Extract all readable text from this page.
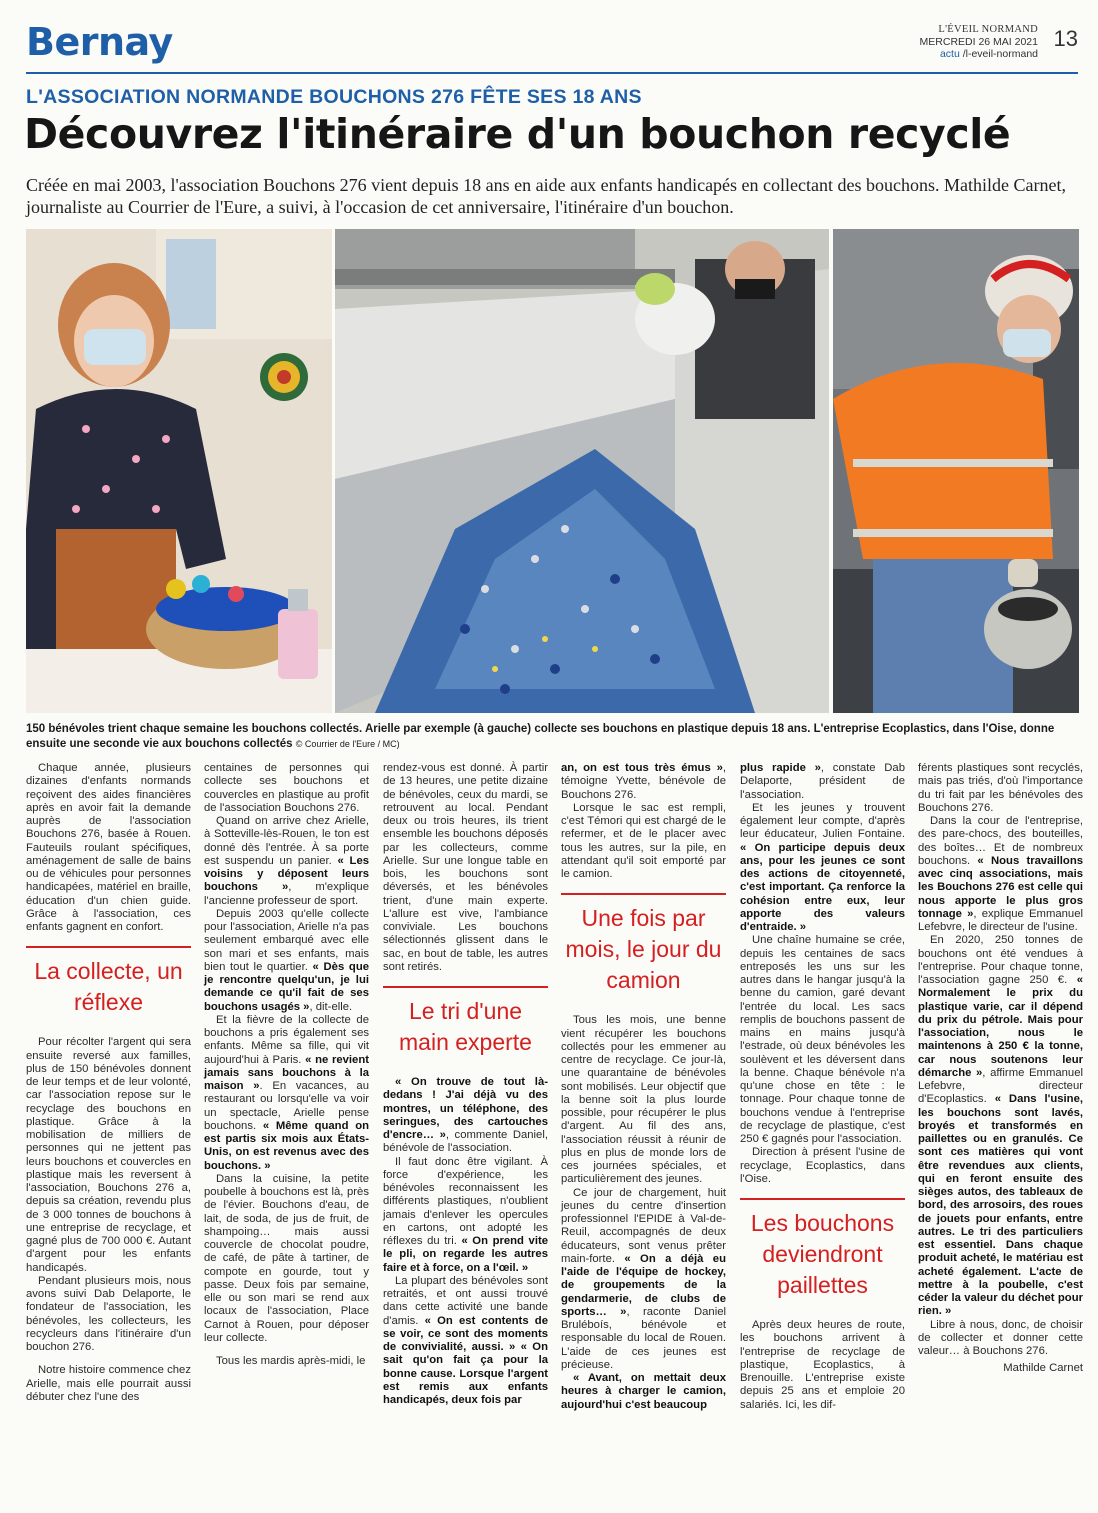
Bernay	L'ÉVEIL NORMAND
MERCREDI 26 MAI 2021
actu /l-eveil-normand
13
L'ASSOCIATION NORMANDE BOUCHONS 276 FÊTE SES 18 ANS
Découvrez l'itinéraire d'un bouchon recyclé

Créée en mai 2003, l'association Bouchons 276 vient depuis 18 ans en aide aux enfants handicapés en collectant des bouchons. Mathilde Carnet, journaliste au Courrier de l'Eure, a suivi, à l'occasion de cet anniversaire, l'itinéraire d'un bouchon.

150 bénévoles trient chaque semaine les bouchons collectés. Arielle par exemple (à gauche) collecte ses bouchons en plastique depuis 18 ans. L'entreprise Ecoplastics, dans l'Oise, donne ensuite une seconde vie aux bouchons collectés © Courrier de l'Eure / MC)

Chaque année, plusieurs dizaines d'enfants normands reçoivent des aides financières après en avoir fait la demande auprès de l'association Bouchons 276, basée à Rouen. Fauteuils roulant spécifiques, aménagement de salle de bains ou de véhicules pour personnes handicapées, matériel en braille, éducation d'un chien guide. Grâce à l'association, ces enfants gagnent en confort.

La collecte, un réflexe

Pour récolter l'argent qui sera ensuite reversé aux familles, plus de 150 bénévoles donnent de leur temps et de leur volonté, car l'association repose sur le recyclage des bouchons en plastique. Grâce à la mobilisation de milliers de personnes qui ne jettent pas leurs bouchons et couvercles en plastique mais les reversent à l'association, Bouchons 276 a, depuis sa création, revendu plus de 3 000 tonnes de bouchons à une entreprise de recyclage, et gagné plus de 700 000 €. Autant d'argent pour les enfants handicapés.

Pendant plusieurs mois, nous avons suivi Dab Delaporte, le fondateur de l'association, les bénévoles, les collecteurs, les recycleurs dans l'itinéraire d'un bouchon 276.

Notre histoire commence chez Arielle, mais elle pourrait aussi débuter chez l'une des

centaines de personnes qui collecte ses bouchons et couvercles en plastique au profit de l'association Bouchons 276.

Quand on arrive chez Arielle, à Sotteville-lès-Rouen, le ton est donné dès l'entrée. À sa porte est suspendu un panier. « Les voisins y déposent leurs bouchons », m'explique l'ancienne professeur de sport.

Depuis 2003 qu'elle collecte pour l'association, Arielle n'a pas seulement embarqué avec elle son mari et ses enfants, mais bien tout le quartier. « Dès que je rencontre quelqu'un, je lui demande ce qu'il fait de ses bouchons usagés », dit-elle.

Et la fièvre de la collecte de bouchons a pris également ses enfants. Même sa fille, qui vit aujourd'hui à Paris. « ne revient jamais sans bouchons à la maison ». En vacances, au restaurant ou lorsqu'elle va voir un spectacle, Arielle pense bouchons. « Même quand on est partis six mois aux États-Unis, on est revenus avec des bouchons. »

Dans la cuisine, la petite poubelle à bouchons est là, près de l'évier. Bouchons d'eau, de lait, de soda, de jus de fruit, de shampoing… mais aussi couvercle de chocolat poudre, de café, de pâte à tartiner, de compote en gourde, tout y passe. Deux fois par semaine, elle ou son mari se rend aux locaux de l'association, Place Carnot à Rouen, pour déposer leur collecte.

Tous les mardis après-midi, le

rendez-vous est donné. À partir de 13 heures, une petite dizaine de bénévoles, ceux du mardi, se retrouvent au local. Pendant deux ou trois heures, ils trient ensemble les bouchons déposés par les collecteurs, comme Arielle. Sur une longue table en bois, les bouchons sont déversés, et les bénévoles trient, d'une main experte. L'allure est vive, l'ambiance conviviale. Les bouchons sélectionnés glissent dans le sac, en bout de table, les autres sont retirés.

Le tri d'une main experte

« On trouve de tout là-dedans ! J'ai déjà vu des montres, un téléphone, des seringues, des cartouches d'encre… », commente Daniel, bénévole de l'association.

Il faut donc être vigilant. À force d'expérience, les bénévoles reconnaissent les différents plastiques, n'oublient jamais d'enlever les opercules en cartons, ont adopté les réflexes du tri. « On prend vite le pli, on regarde les autres faire et à force, on a l'œil. »

La plupart des bénévoles sont retraités, et ont aussi trouvé dans cette activité une bande d'amis. « On est contents de se voir, ce sont des moments de convivialité, aussi. » « On sait qu'on fait ça pour la bonne cause. Lorsque l'argent est remis aux enfants handicapés, deux fois par

an, on est tous très émus », témoigne Yvette, bénévole de Bouchons 276.

Lorsque le sac est rempli, c'est Témori qui est chargé de le refermer, et de le placer avec tous les autres, sur la pile, en attendant qu'il soit emporté par le camion.

Une fois par mois, le jour du camion

Tous les mois, une benne vient récupérer les bouchons collectés pour les emmener au centre de recyclage. Ce jour-là, une quarantaine de bénévoles sont mobilisés. Leur objectif que la benne soit la plus lourde possible, pour récupérer le plus d'argent. Au fil des ans, l'association réussit à réunir de plus en plus de monde lors de ces journées spéciales, et particulièrement des jeunes.

Ce jour de chargement, huit jeunes du centre d'insertion professionnel l'EPIDE à Val-de-Reuil, accompagnés de deux éducateurs, sont venus prêter main-forte. « On a déjà eu l'aide de l'équipe de hockey, de groupements de la gendarmerie, de clubs de sports… », raconte Daniel Bruléboís, bénévole et responsable du local de Rouen. L'aide de ces jeunes est précieuse.

« Avant, on mettait deux heures à charger le camion, aujourd'hui c'est beaucoup

plus rapide », constate Dab Delaporte, président de l'association.

Et les jeunes y trouvent également leur compte, d'après leur éducateur, Julien Fontaine. « On participe depuis deux ans, pour les jeunes ce sont des actions de citoyenneté, c'est important. Ça renforce la cohésion entre eux, leur apporte des valeurs d'entraide. »

Une chaîne humaine se crée, depuis les centaines de sacs entreposés les uns sur les autres dans le hangar jusqu'à la benne du camion, garé devant l'entrée du local. Les sacs remplis de bouchons passent de mains en mains jusqu'à l'estrade, où deux bénévoles les soulèvent et les déversent dans la benne. Chaque bénévole n'a qu'une chose en tête : le tonnage. Pour chaque tonne de bouchons vendue à l'entreprise de recyclage de plastique, c'est 250 € gagnés pour l'association.

Direction à présent l'usine de recyclage, Ecoplastics, dans l'Oise.

Les bouchons deviendront paillettes

Après deux heures de route, les bouchons arrivent à l'entreprise de recyclage de plastique, Ecoplastics, à Brenouille. L'entreprise existe depuis 25 ans et emploie 20 salariés. Ici, les dif-

férents plastiques sont recyclés, mais pas triés, d'où l'importance du tri fait par les bénévoles des Bouchons 276.

Dans la cour de l'entreprise, des pare-chocs, des bouteilles, des boîtes… Et de nombreux bouchons. « Nous travaillons avec cinq associations, mais les Bouchons 276 est celle qui nous apporte le plus gros tonnage », explique Emmanuel Lefebvre, le directeur de l'usine.

En 2020, 250 tonnes de bouchons ont été vendues à l'entreprise. Pour chaque tonne, l'association gagne 250 €. « Normalement le prix du plastique varie, car il dépend du prix du pétrole. Mais pour l'association, nous le maintenons à 250 € la tonne, car nous soutenons leur démarche », affirme Emmanuel Lefebvre, directeur d'Ecoplastics. « Dans l'usine, les bouchons sont lavés, broyés et transformés en paillettes ou en granulés. Ce sont ces matières qui vont être revendues aux clients, qui en feront ensuite des sièges autos, des tableaux de bord, des arrosoirs, des roues de jouets pour enfants, entre autres. Le tri des particuliers est essentiel. Dans chaque produit acheté, le matériau est acheté également. L'acte de mettre à la poubelle, c'est céder la valeur du déchet pour rien. »

Libre à nous, donc, de choisir de collecter et donner cette valeur… à Bouchons 276.

Mathilde Carnet
